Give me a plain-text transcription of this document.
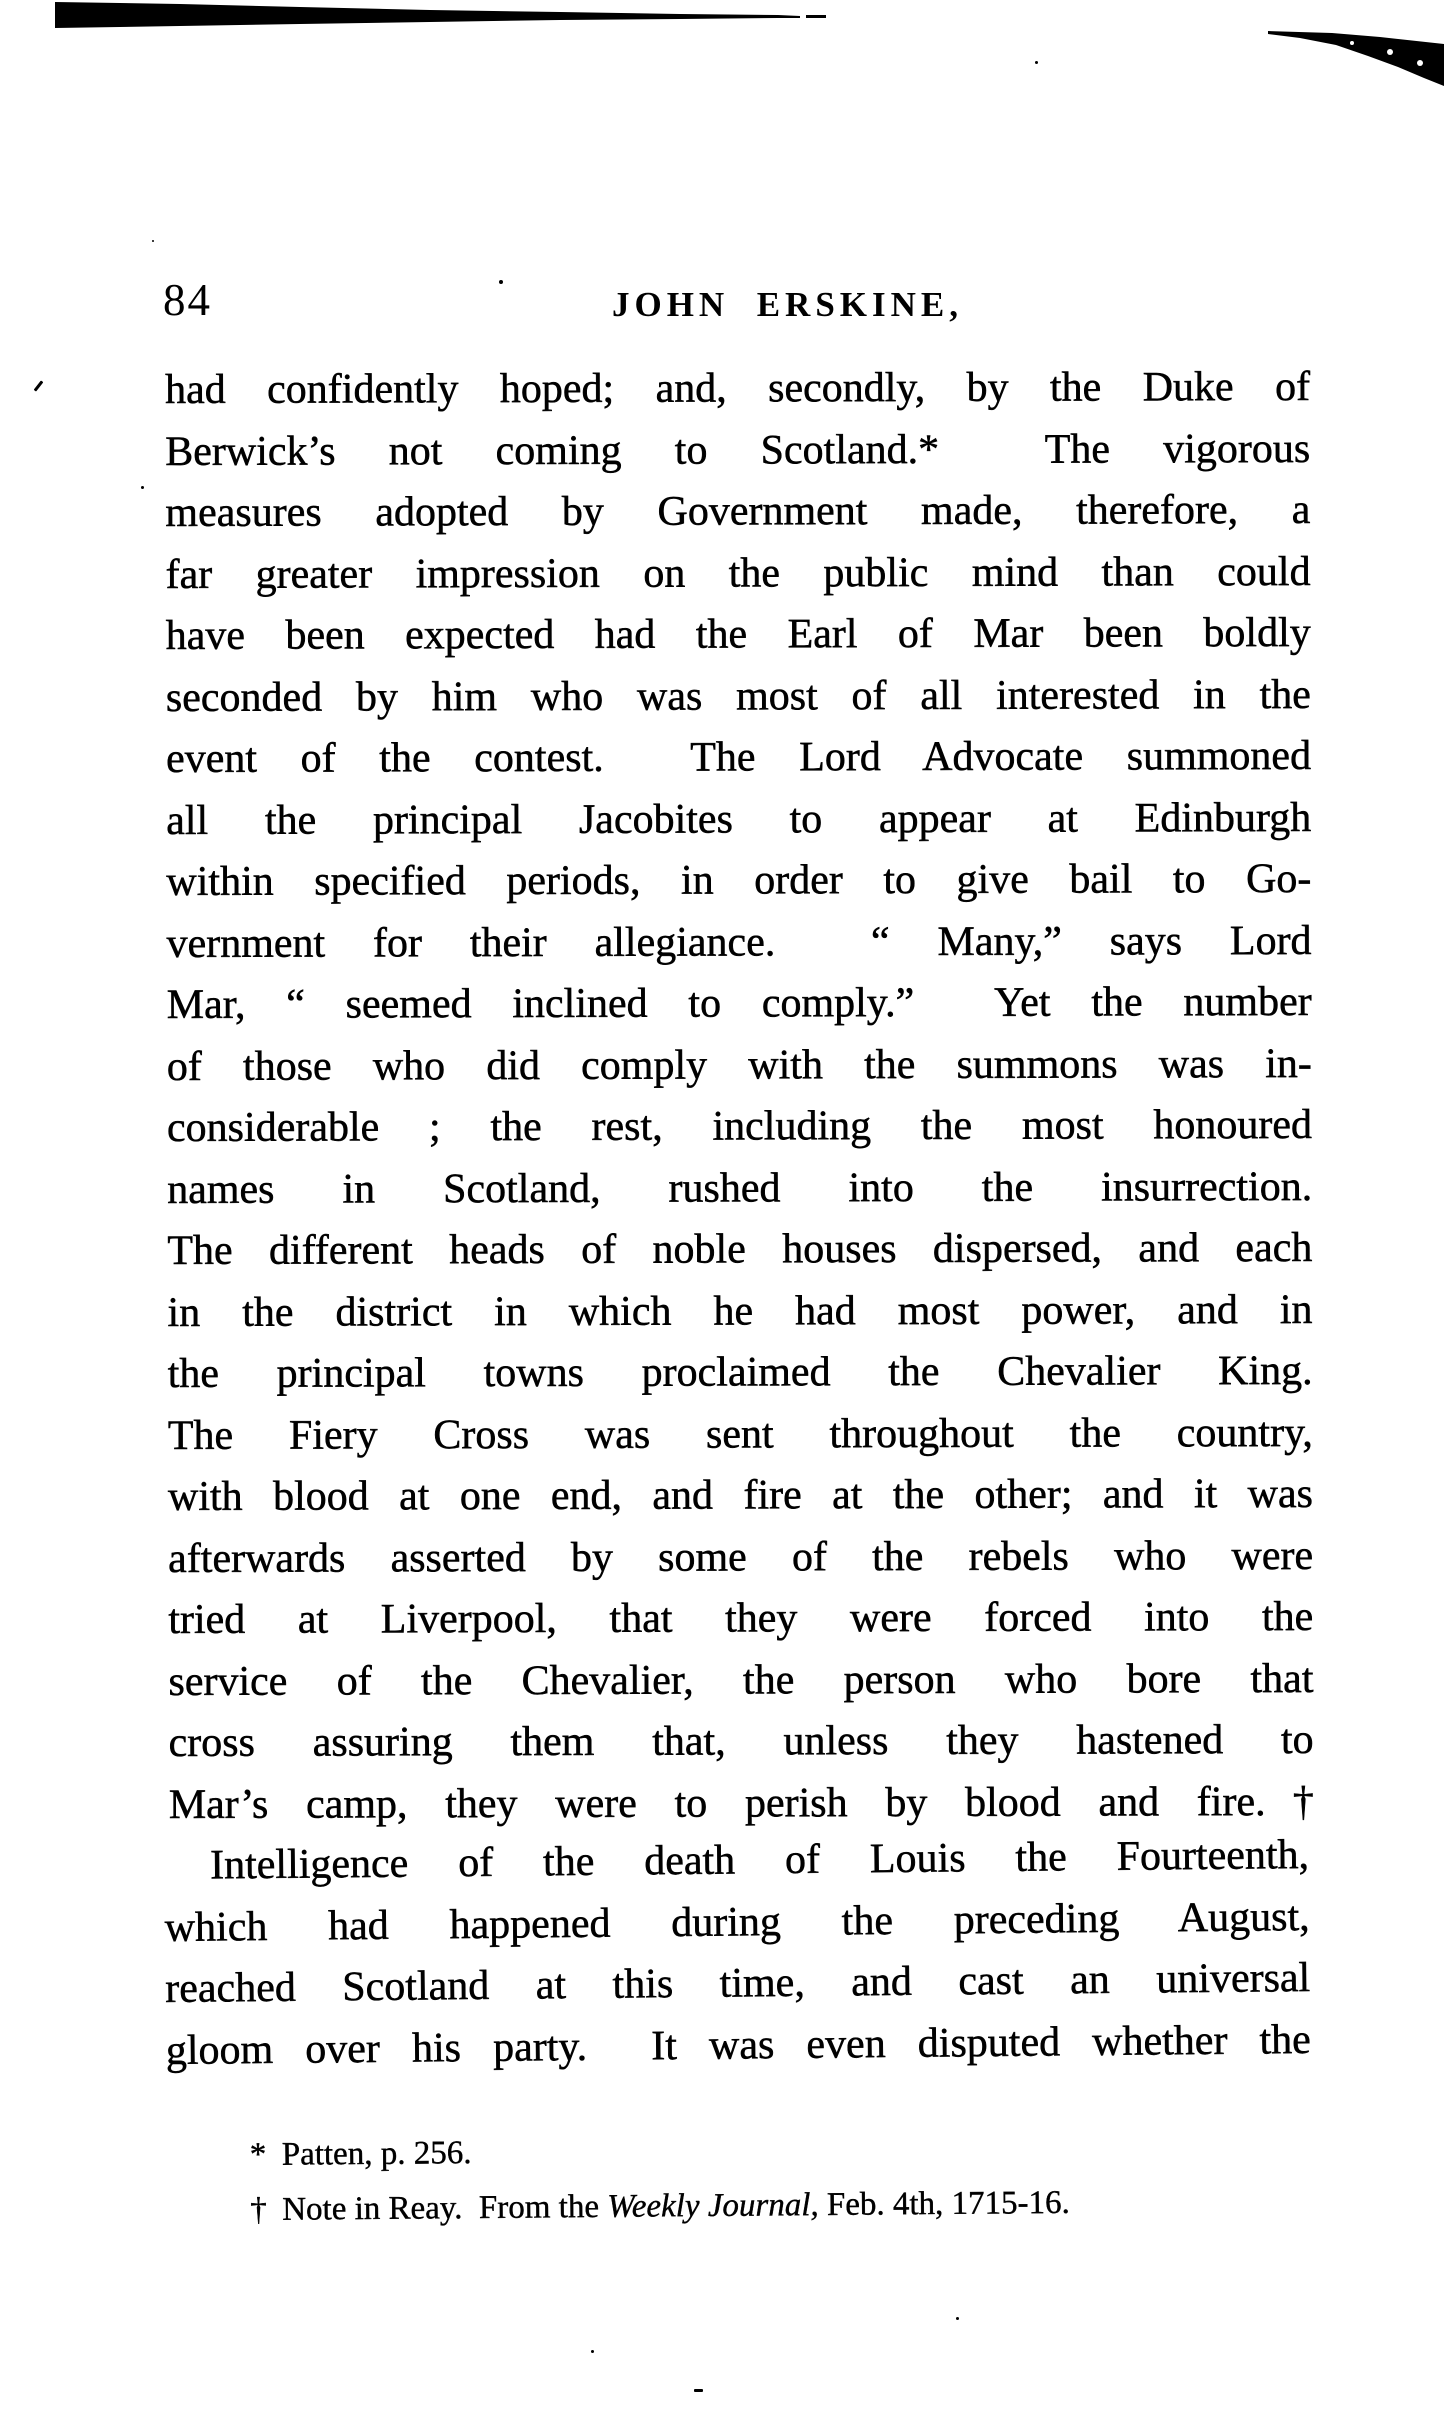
84	JOHN  ERSKINE,
had confidently hoped; and, secondly, by the Duke of
Berwick’s not coming to Scotland.*  The vigorous
measures adopted by Government made, therefore, a
far greater impression on the public mind than could
have been expected had the Earl of Mar been boldly
seconded by him who was most of all interested in the
event of the contest.  The Lord Advocate summoned
all the principal Jacobites to appear at Edinburgh
within specified periods, in order to give bail to Go-
vernment for their allegiance.  “ Many,” says Lord
Mar, “ seemed inclined to comply.”  Yet the number
of those who did comply with the summons was in-
considerable ; the rest, including the most honoured
names in Scotland, rushed into the insurrection.
The different heads of noble houses dispersed, and each
in the district in which he had most power, and in
the principal towns proclaimed the Chevalier King.
The Fiery Cross was sent throughout the country,
with blood at one end, and fire at the other; and it was
afterwards asserted by some of the rebels who were
tried at Liverpool, that they were forced into the
service of the Chevalier, the person who bore that
cross assuring them that, unless they hastened to
Mar’s camp, they were to perish by blood and fire.†
Intelligence of the death of Louis the Fourteenth,
which had happened during the preceding August,
reached Scotland at this time, and cast an universal
gloom over his party.  It was even disputed whether the
* Patten, p. 256.
† Note in Reay.  From the Weekly Journal, Feb. 4th, 1715-16.
